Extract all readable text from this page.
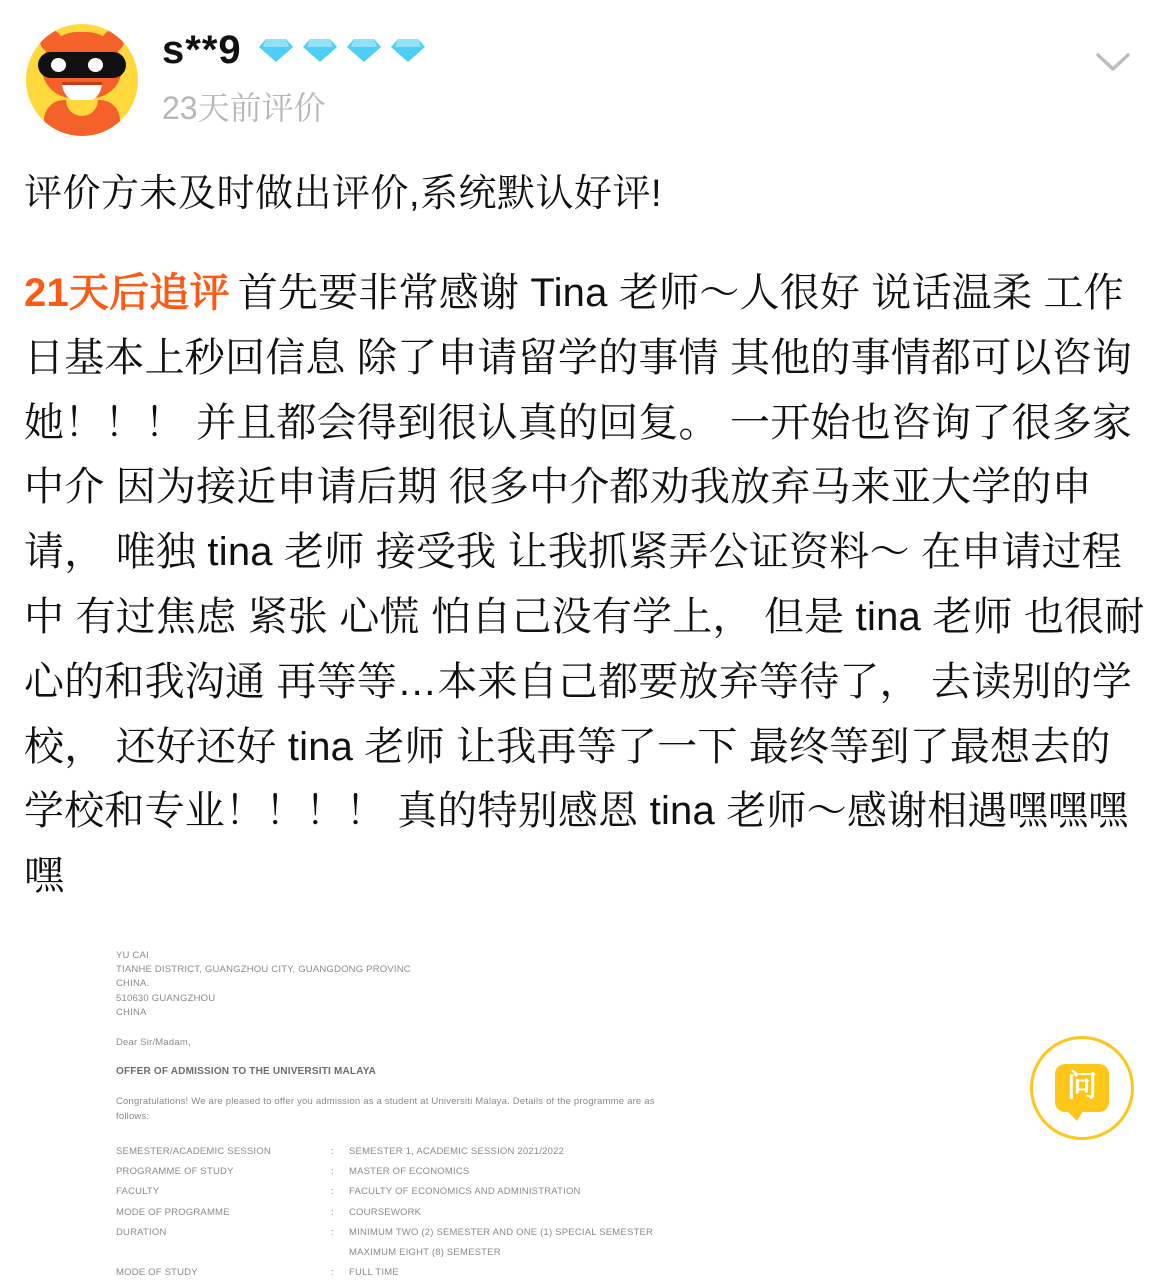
s**9
23天前评价
评价方未及时做出评价,系统默认好评!
21天后追评 首先要非常感谢 Tina 老师～人很好 说话温柔 工作日基本上秒回信息 除了申请留学的事情 其他的事情都可以咨询她！！！ 并且都会得到很认真的回复。 一开始也咨询了很多家中介 因为接近申请后期 很多中介都劝我放弃马来亚大学的申请， 唯独 tina 老师 接受我 让我抓紧弄公证资料～ 在申请过程中 有过焦虑 紧张 心慌 怕自己没有学上， 但是 tina 老师 也很耐心的和我沟通 再等等…本来自己都要放弃等待了， 去读别的学校， 还好还好 tina 老师 让我再等了一下 最终等到了最想去的学校和专业！！！！ 真的特别感恩 tina 老师～感谢相遇嘿嘿嘿嘿
YU CAI
TIANHE DISTRICT, GUANGZHOU CITY, GUANGDONG PROVINC
CHINA.
510630 GUANGZHOU
CHINA
Dear Sir/Madam,
OFFER OF ADMISSION TO THE UNIVERSITI MALAYA
Congratulations! We are pleased to offer you admission as a student at Universiti Malaya. Details of the programme are as follows:
SEMESTER/ACADEMIC SESSION	:	SEMESTER 1, ACADEMIC SESSION 2021/2022
PROGRAMME OF STUDY	:	MASTER OF ECONOMICS
FACULTY	:	FACULTY OF ECONOMICS AND ADMINISTRATION
MODE OF PROGRAMME	:	COURSEWORK
DURATION	:	MINIMUM TWO (2) SEMESTER AND ONE (1) SPECIAL SEMESTER
		MAXIMUM EIGHT (8) SEMESTER
MODE OF STUDY	:	FULL TIME
问
